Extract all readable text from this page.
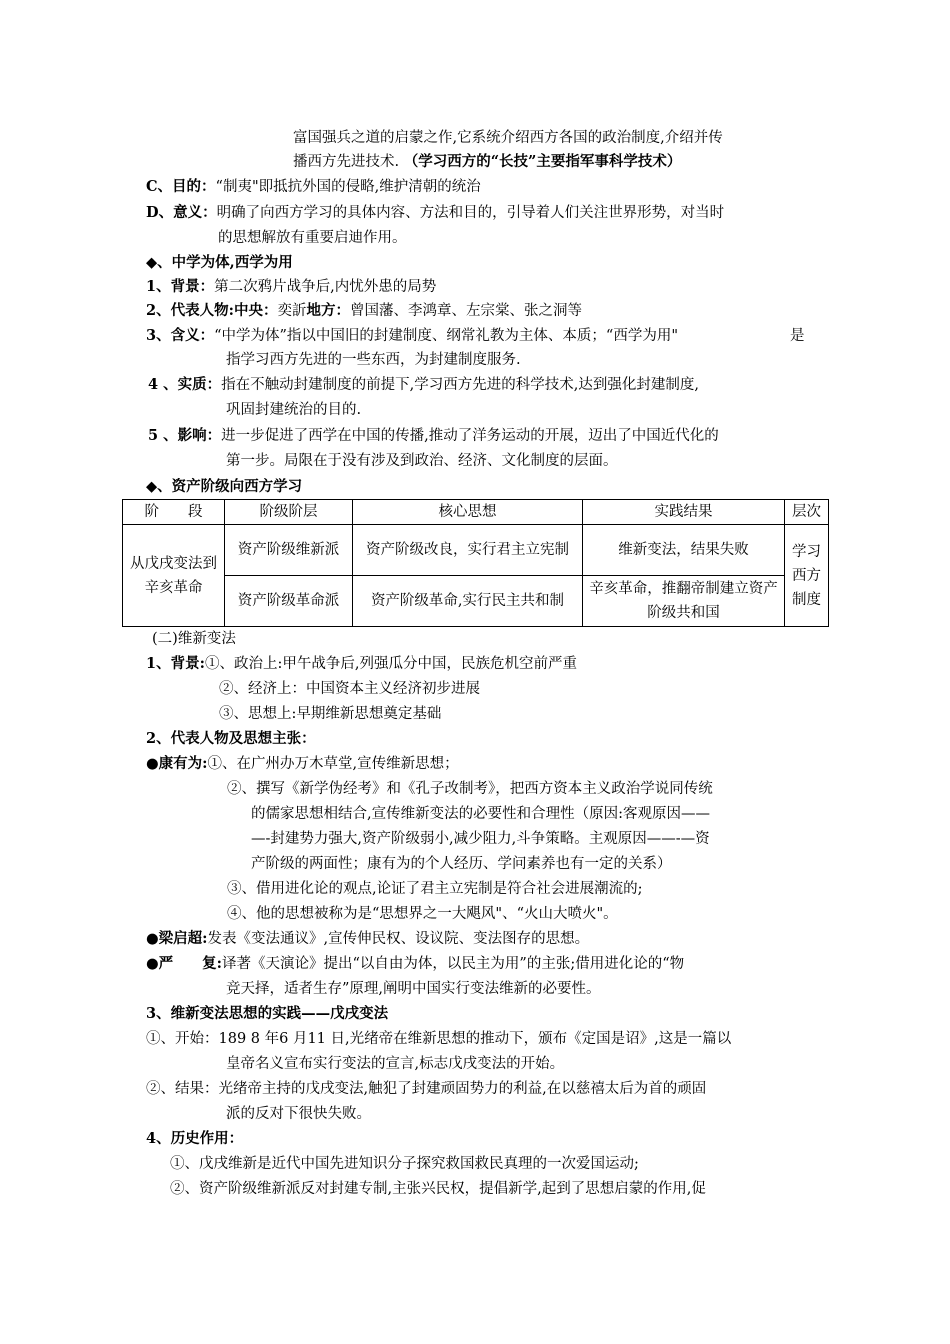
富国强兵之道的启蒙之作,它系统介绍西方各国的政治制度,介绍并传
播西方先进技术. （学习西方的“长技”主要指军事科学技术）
C、目的：“制夷"即抵抗外国的侵略,维护清朝的统治
D、意义：明确了向西方学习的具体内容、方法和目的，引导着人们关注世界形势，对当时
的思想解放有重要启迪作用。
◆、中学为体,西学为用
1、背景：第二次鸦片战争后,内忧外患的局势
2、代表人物:中央：奕訢地方：曾国藩、李鸿章、左宗棠、张之洞等
3、含义：“中学为体”指以中国旧的封建制度、纲常礼教为主体、本质；“西学为用"	是
指学习西方先进的一些东西，为封建制度服务.
4 、实质：指在不触动封建制度的前提下,学习西方先进的科学技术,达到强化封建制度,
巩固封建统治的目的.
5 、影响：进一步促进了西学在中国的传播,推动了洋务运动的开展，迈出了中国近代化的
第一步。局限在于没有涉及到政治、经济、文化制度的层面。
◆、资产阶级向西方学习
阶　　段	阶级阶层	核心思想	实践结果	层次
从戊戌变法到辛亥革命	资产阶级维新派	资产阶级改良，实行君主立宪制	维新变法，结果失败	学习西方制度
	资产阶级革命派	资产阶级革命,实行民主共和制	辛亥革命，推翻帝制建立资产阶级共和国	
(二)维新变法
1、背景:①、政治上:甲午战争后,列强瓜分中国，民族危机空前严重
②、经济上：中国资本主义经济初步进展
③、思想上:早期维新思想奠定基础
2、代表人物及思想主张：
●康有为:①、在广州办万木草堂,宣传维新思想；
②、撰写《新学伪经考》和《孔子改制考》，把西方资本主义政治学说同传统
的儒家思想相结合,宣传维新变法的必要性和合理性（原因:客观原因——
—-封建势力强大,资产阶级弱小,减少阻力,斗争策略。主观原因——-—资
产阶级的两面性；康有为的个人经历、学问素养也有一定的关系）
③、借用进化论的观点,论证了君主立宪制是符合社会进展潮流的;
④、他的思想被称为是“思想界之一大飓风"、“火山大喷火"。
●梁启超:发表《变法通议》,宣传伸民权、设议院、变法图存的思想。
●严　　复:译著《天演论》提出“以自由为体，以民主为用”的主张;借用进化论的“物
竞天择，适者生存”原理,阐明中国实行变法维新的必要性。
3、维新变法思想的实践——戊戌变法
①、开始：189 8 年6 月11 日,光绪帝在维新思想的推动下，颁布《定国是诏》,这是一篇以
皇帝名义宣布实行变法的宣言,标志戊戌变法的开始。
②、结果：光绪帝主持的戊戌变法,触犯了封建顽固势力的利益,在以慈禧太后为首的顽固
派的反对下很快失败。
4、历史作用：
①、戊戌维新是近代中国先进知识分子探究救国救民真理的一次爱国运动;
②、资产阶级维新派反对封建专制,主张兴民权，提倡新学,起到了思想启蒙的作用,促
